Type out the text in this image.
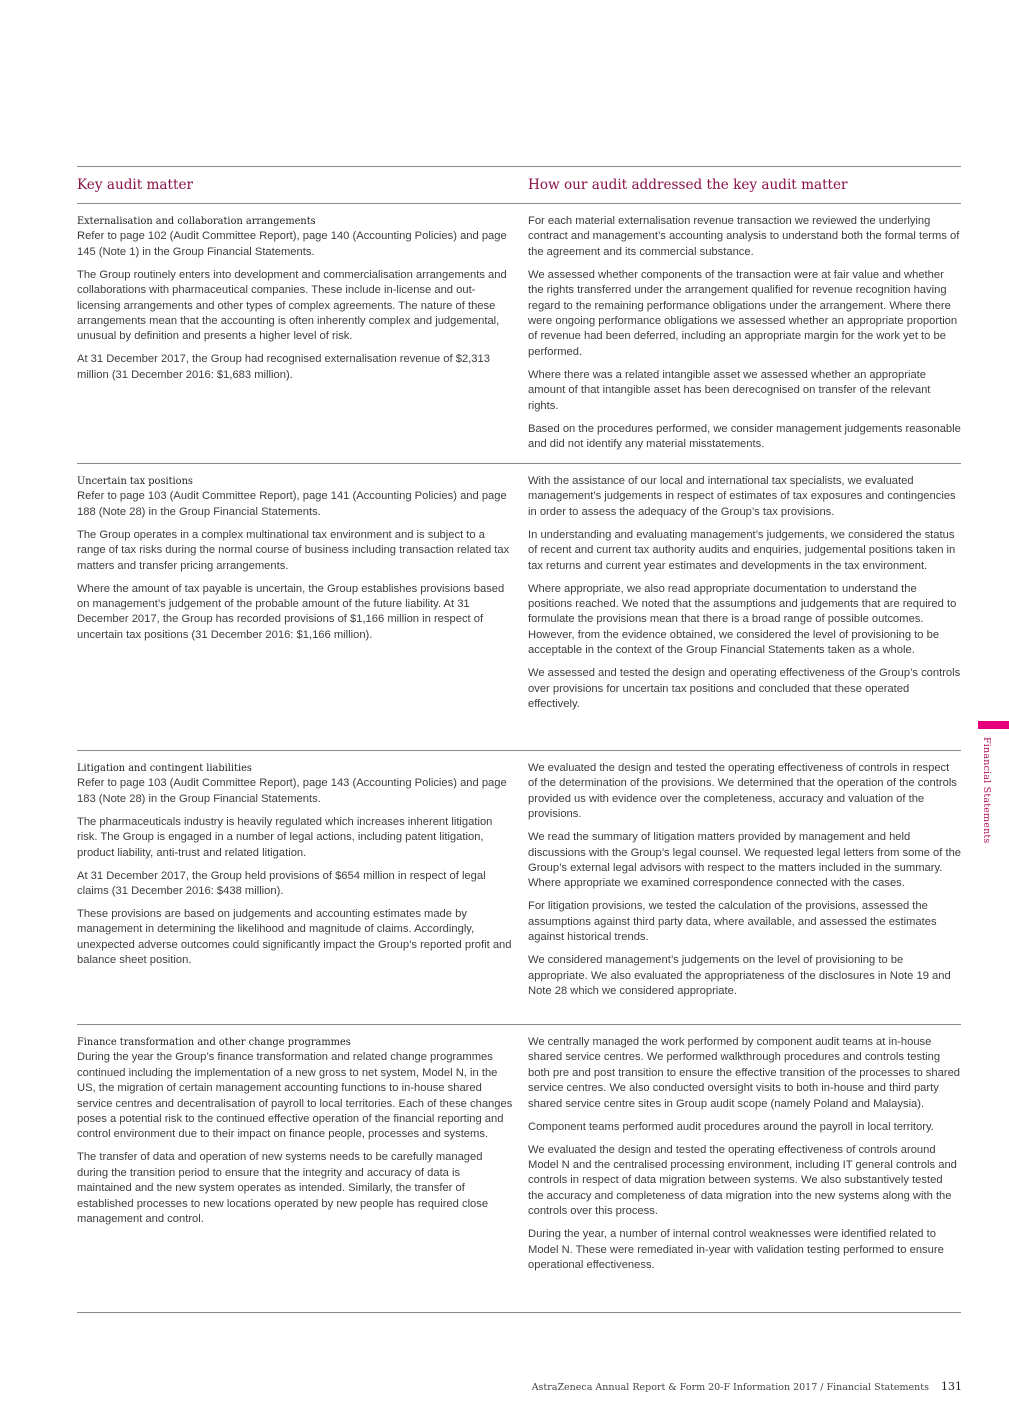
Key audit matter	How our audit addressed the key audit matter

Externalisation and collaboration arrangements
Refer to page 102 (Audit Committee Report), page 140 (Accounting Policies) and page 145 (Note 1) in the Group Financial Statements.

The Group routinely enters into development and commercialisation arrangements and collaborations with pharmaceutical companies. These include in-license and out-licensing arrangements and other types of complex agreements. The nature of these arrangements mean that the accounting is often inherently complex and judgemental, unusual by definition and presents a higher level of risk.

At 31 December 2017, the Group had recognised externalisation revenue of $2,313 million (31 December 2016: $1,683 million).

For each material externalisation revenue transaction we reviewed the underlying contract and management’s accounting analysis to understand both the formal terms of the agreement and its commercial substance.

We assessed whether components of the transaction were at fair value and whether the rights transferred under the arrangement qualified for revenue recognition having regard to the remaining performance obligations under the arrangement. Where there were ongoing performance obligations we assessed whether an appropriate proportion of revenue had been deferred, including an appropriate margin for the work yet to be performed.

Where there was a related intangible asset we assessed whether an appropriate amount of that intangible asset has been derecognised on transfer of the relevant rights.

Based on the procedures performed, we consider management judgements reasonable and did not identify any material misstatements.

Uncertain tax positions
Refer to page 103 (Audit Committee Report), page 141 (Accounting Policies) and page 188 (Note 28) in the Group Financial Statements.

The Group operates in a complex multinational tax environment and is subject to a range of tax risks during the normal course of business including transaction related tax matters and transfer pricing arrangements.

Where the amount of tax payable is uncertain, the Group establishes provisions based on management’s judgement of the probable amount of the future liability. At 31 December 2017, the Group has recorded provisions of $1,166 million in respect of uncertain tax positions (31 December 2016: $1,166 million).

With the assistance of our local and international tax specialists, we evaluated management’s judgements in respect of estimates of tax exposures and contingencies in order to assess the adequacy of the Group’s tax provisions.

In understanding and evaluating management’s judgements, we considered the status of recent and current tax authority audits and enquiries, judgemental positions taken in tax returns and current year estimates and developments in the tax environment.

Where appropriate, we also read appropriate documentation to understand the positions reached. We noted that the assumptions and judgements that are required to formulate the provisions mean that there is a broad range of possible outcomes. However, from the evidence obtained, we considered the level of provisioning to be acceptable in the context of the Group Financial Statements taken as a whole.

We assessed and tested the design and operating effectiveness of the Group’s controls over provisions for uncertain tax positions and concluded that these operated effectively.

Litigation and contingent liabilities
Refer to page 103 (Audit Committee Report), page 143 (Accounting Policies) and page 183 (Note 28) in the Group Financial Statements.

The pharmaceuticals industry is heavily regulated which increases inherent litigation risk. The Group is engaged in a number of legal actions, including patent litigation, product liability, anti-trust and related litigation.

At 31 December 2017, the Group held provisions of $654 million in respect of legal claims (31 December 2016: $438 million).

These provisions are based on judgements and accounting estimates made by management in determining the likelihood and magnitude of claims. Accordingly, unexpected adverse outcomes could significantly impact the Group’s reported profit and balance sheet position.

We evaluated the design and tested the operating effectiveness of controls in respect of the determination of the provisions. We determined that the operation of the controls provided us with evidence over the completeness, accuracy and valuation of the provisions.

We read the summary of litigation matters provided by management and held discussions with the Group’s legal counsel. We requested legal letters from some of the Group’s external legal advisors with respect to the matters included in the summary. Where appropriate we examined correspondence connected with the cases.

For litigation provisions, we tested the calculation of the provisions, assessed the assumptions against third party data, where available, and assessed the estimates against historical trends.

We considered management’s judgements on the level of provisioning to be appropriate. We also evaluated the appropriateness of the disclosures in Note 19 and Note 28 which we considered appropriate.

Finance transformation and other change programmes
During the year the Group’s finance transformation and related change programmes continued including the implementation of a new gross to net system, Model N, in the US, the migration of certain management accounting functions to in-house shared service centres and decentralisation of payroll to local territories. Each of these changes poses a potential risk to the continued effective operation of the financial reporting and control environment due to their impact on finance people, processes and systems.

The transfer of data and operation of new systems needs to be carefully managed during the transition period to ensure that the integrity and accuracy of data is maintained and the new system operates as intended. Similarly, the transfer of established processes to new locations operated by new people has required close management and control.

We centrally managed the work performed by component audit teams at in-house shared service centres. We performed walkthrough procedures and controls testing both pre and post transition to ensure the effective transition of the processes to shared service centres. We also conducted oversight visits to both in-house and third party shared service centre sites in Group audit scope (namely Poland and Malaysia).

Component teams performed audit procedures around the payroll in local territory.

We evaluated the design and tested the operating effectiveness of controls around Model N and the centralised processing environment, including IT general controls and controls in respect of data migration between systems. We also substantively tested the accuracy and completeness of data migration into the new systems along with the controls over this process.

During the year, a number of internal control weaknesses were identified related to Model N. These were remediated in-year with validation testing performed to ensure operational effectiveness.

Financial Statements
AstraZeneca Annual Report & Form 20-F Information 2017 / Financial Statements 131
